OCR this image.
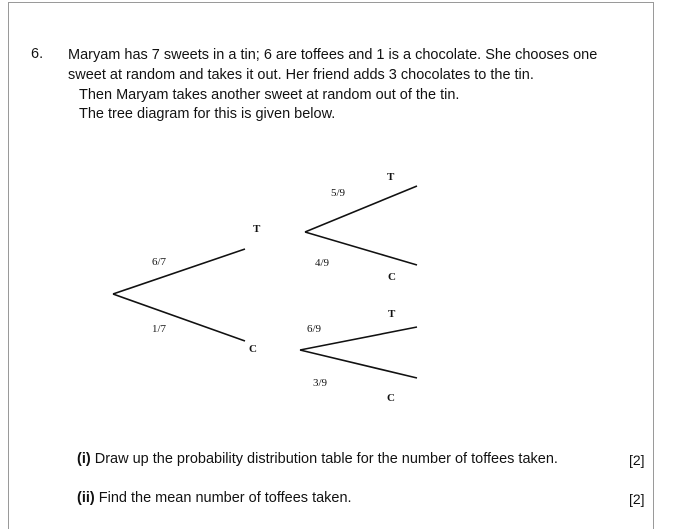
6. Maryam has 7 sweets in a tin; 6 are toffees and 1 is a chocolate. She chooses one
sweet at random and takes it out. Her friend adds 3 chocolates to the tin.
Then Maryam takes another sweet at random out of the tin.
The tree diagram for this is given below.
6/7
1/7
T
C
5/9
4/9
T
C
6/9
3/9
T
C
(i) Draw up the probability distribution table for the number of toffees taken.	[2]
(ii) Find the mean number of toffees taken.	[2]
